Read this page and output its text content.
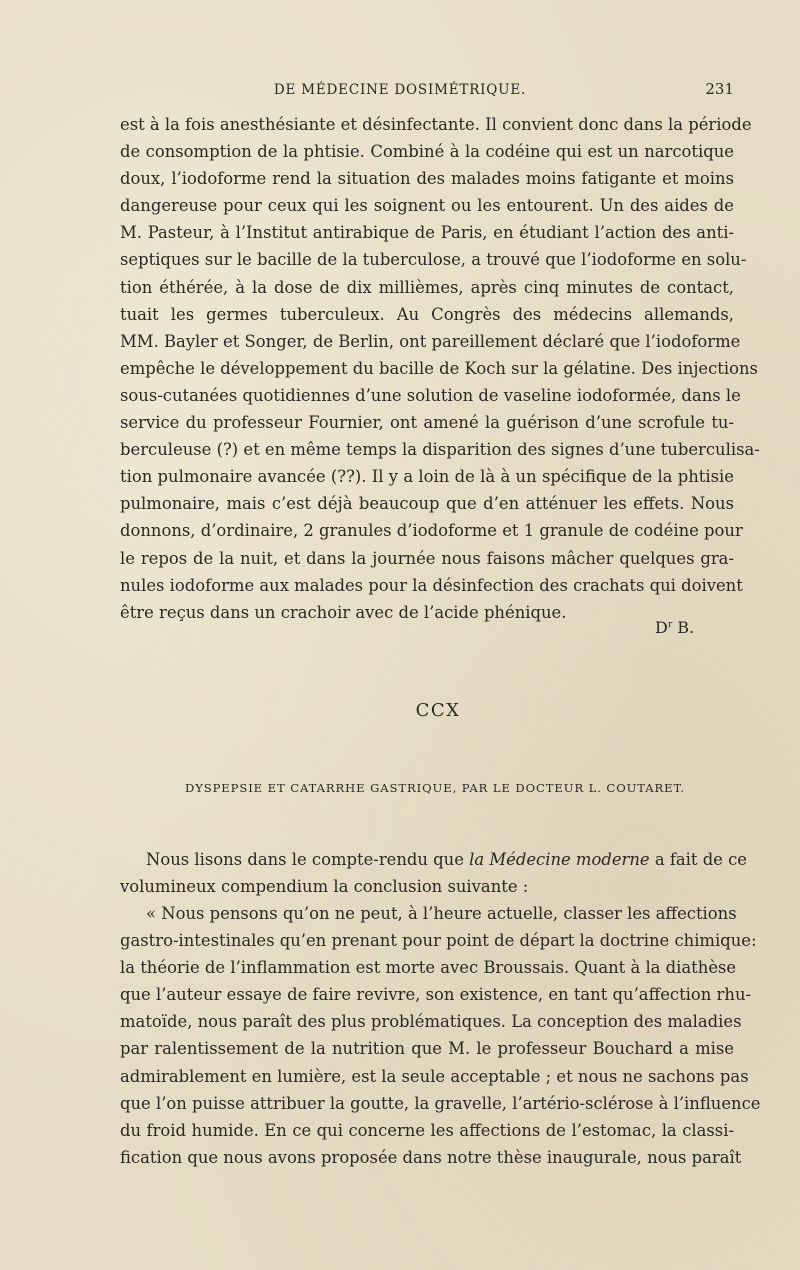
DE MÉDECINE DOSIMÉTRIQUE.	231
est à la fois anesthésiante et désinfectante. Il convient donc dans la période
de consomption de la phtisie. Combiné à la codéine qui est un narcotique
doux, l’iodoforme rend la situation des malades moins fatigante et moins
dangereuse pour ceux qui les soignent ou les entourent. Un des aides de
M. Pasteur, à l’Institut antirabique de Paris, en étudiant l’action des anti-
septiques sur le bacille de la tuberculose, a trouvé que l’iodoforme en solu-
tion éthérée, à la dose de dix millièmes, après cinq minutes de contact,
tuait les germes tuberculeux. Au Congrès des médecins allemands,
MM. Bayler et Songer, de Berlin, ont pareillement déclaré que l’iodoforme
empêche le développement du bacille de Koch sur la gélatine. Des injections
sous-cutanées quotidiennes d’une solution de vaseline iodoformée, dans le
service du professeur Fournier, ont amené la guérison d’une scrofule tu-
berculeuse (?) et en même temps la disparition des signes d’une tuberculisa-
tion pulmonaire avancée (??). Il y a loin de là à un spécifique de la phtisie
pulmonaire, mais c’est déjà beaucoup que d’en atténuer les effets. Nous
donnons, d’ordinaire, 2 granules d’iodoforme et 1 granule de codéine pour
le repos de la nuit, et dans la journée nous faisons mâcher quelques gra-
nules iodoforme aux malades pour la désinfection des crachats qui doivent
être reçus dans un crachoir avec de l’acide phénique.
$D^r$ B.
CCX
DYSPEPSIE ET CATARRHE GASTRIQUE, PAR LE DOCTEUR L. COUTARET.
Nous lisons dans le compte-rendu que la Médecine moderne a fait de ce
volumineux compendium la conclusion suivante :
« Nous pensons qu’on ne peut, à l’heure actuelle, classer les affections
gastro-intestinales qu’en prenant pour point de départ la doctrine chimique:
la théorie de l’inflammation est morte avec Broussais. Quant à la diathèse
que l’auteur essaye de faire revivre, son existence, en tant qu’affection rhu-
matoïde, nous paraît des plus problématiques. La conception des maladies
par ralentissement de la nutrition que M. le professeur Bouchard a mise
admirablement en lumière, est la seule acceptable ; et nous ne sachons pas
que l’on puisse attribuer la goutte, la gravelle, l’artério-sclérose à l’influence
du froid humide. En ce qui concerne les affections de l’estomac, la classi-
fication que nous avons proposée dans notre thèse inaugurale, nous paraît
